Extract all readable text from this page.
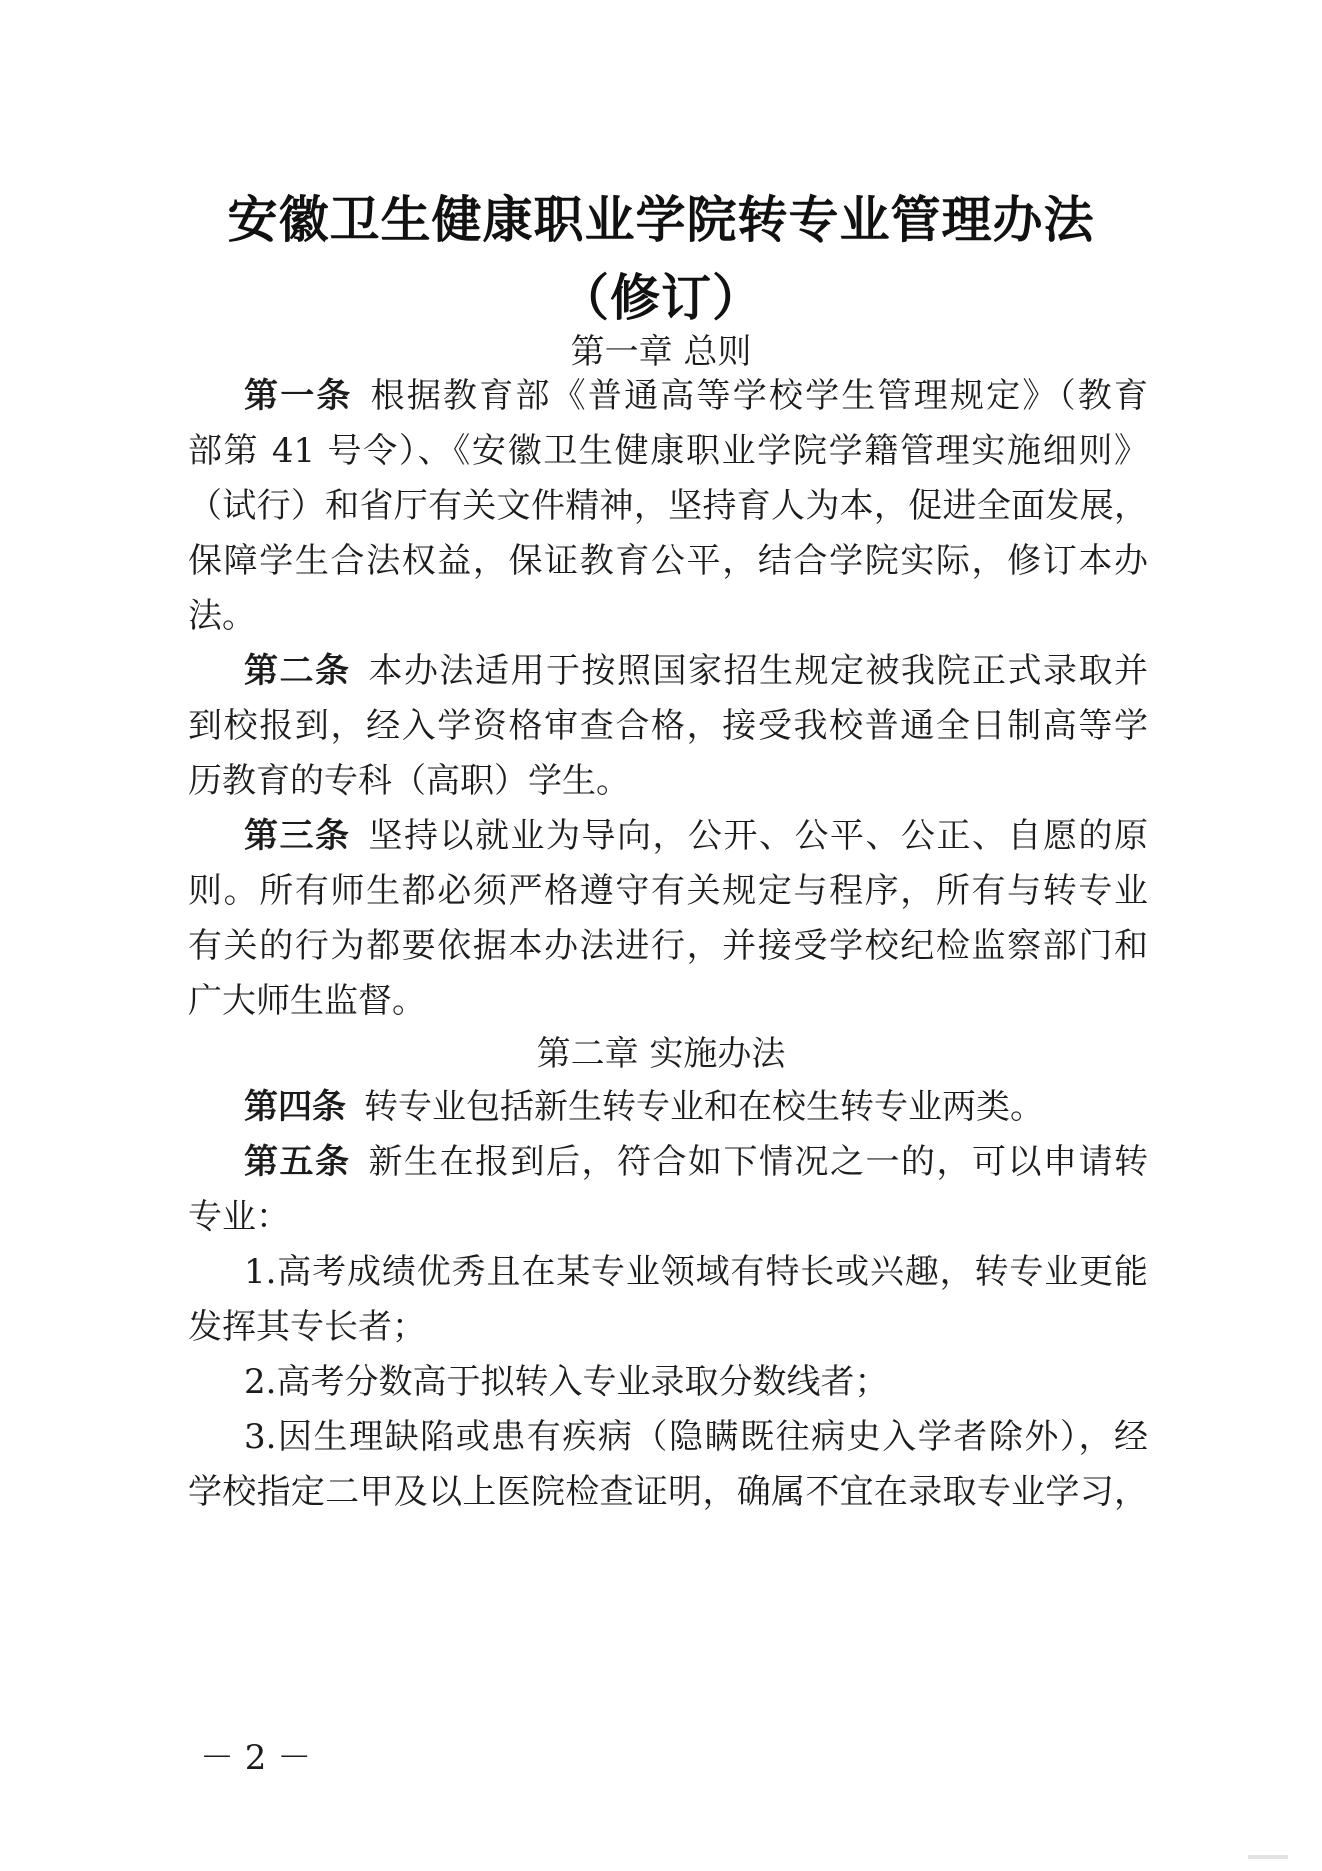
安徽卫生健康职业学院转专业管理办法
（修订）
第一章 总则
第一条 根据教育部《普通高等学校学生管理规定》（教育
部第 41 号令）、《安徽卫生健康职业学院学籍管理实施细则》
（试行）和省厅有关文件精神，坚持育人为本，促进全面发展，
保障学生合法权益，保证教育公平，结合学院实际，修订本办
法。
第二条 本办法适用于按照国家招生规定被我院正式录取并
到校报到，经入学资格审查合格，接受我校普通全日制高等学
历教育的专科（高职）学生。
第三条 坚持以就业为导向，公开、公平、公正、自愿的原
则。所有师生都必须严格遵守有关规定与程序，所有与转专业
有关的行为都要依据本办法进行，并接受学校纪检监察部门和
广大师生监督。
第二章 实施办法
第四条 转专业包括新生转专业和在校生转专业两类。
第五条 新生在报到后，符合如下情况之一的，可以申请转
专业：
1.高考成绩优秀且在某专业领域有特长或兴趣，转专业更能
发挥其专长者；
2.高考分数高于拟转入专业录取分数线者；
3.因生理缺陷或患有疾病（隐瞒既往病史入学者除外），经
学校指定二甲及以上医院检查证明，确属不宜在录取专业学习，
－ 2 －
